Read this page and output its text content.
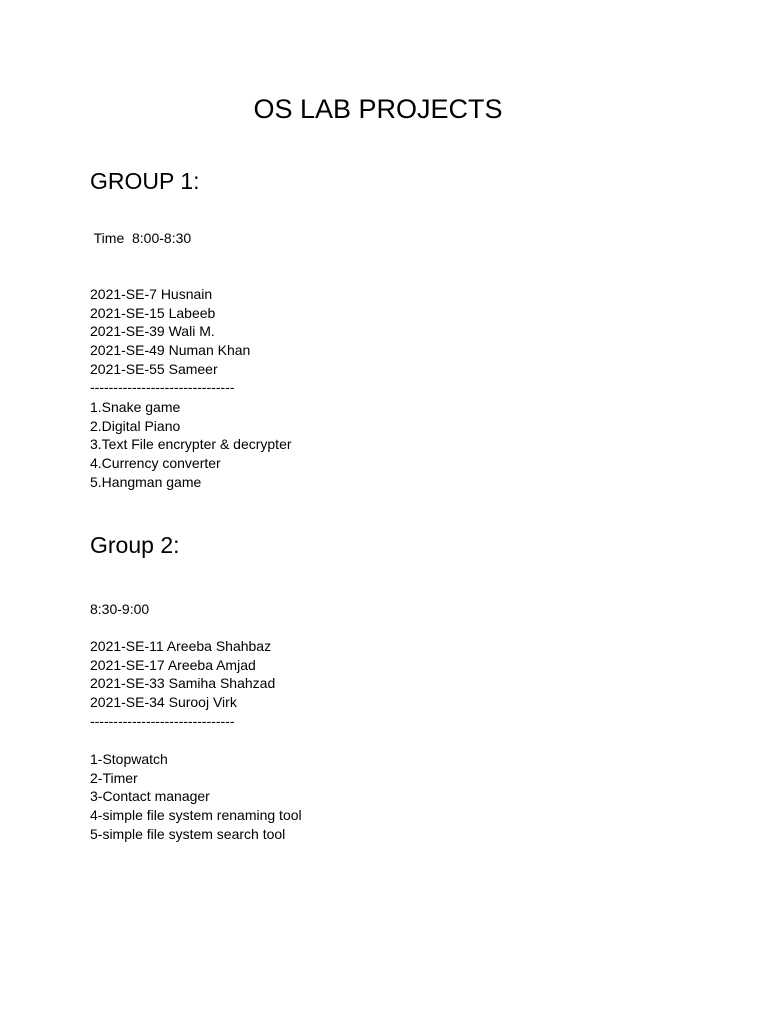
OS LAB PROJECTS
GROUP 1:
Time  8:00-8:30
2021-SE-7 Husnain
2021-SE-15 Labeeb
2021-SE-39 Wali M.
2021-SE-49 Numan Khan
2021-SE-55 Sameer
-------------------------------
1.Snake game
2.Digital Piano
3.Text File encrypter & decrypter
4.Currency converter
5.Hangman game
Group 2:
8:30-9:00
2021-SE-11 Areeba Shahbaz
2021-SE-17 Areeba Amjad
2021-SE-33 Samiha Shahzad
2021-SE-34 Surooj Virk
-------------------------------
1-Stopwatch
2-Timer
3-Contact manager
4-simple file system renaming tool
5-simple file system search tool
